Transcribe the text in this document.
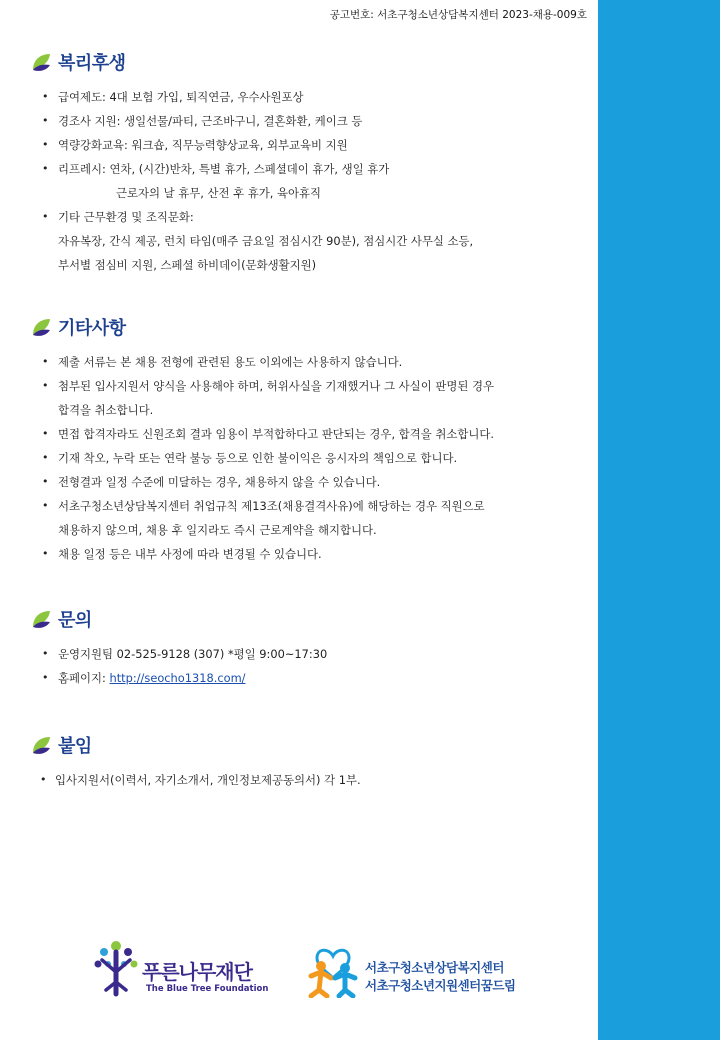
공고번호: 서초구청소년상담복지센터 2023-채용-009호
복리후생
• 급여제도: 4대 보험 가입, 퇴직연금, 우수사원포상
• 경조사 지원: 생일선물/파티, 근조바구니, 결혼화환, 케이크 등
• 역량강화교육: 워크숍, 직무능력향상교육, 외부교육비 지원
• 리프레시: 연차, (시간)반차, 특별 휴가, 스페셜데이 휴가, 생일 휴가
근로자의 날 휴무, 산전 후 휴가, 육아휴직
• 기타 근무환경 및 조직문화:
자유복장, 간식 제공, 런치 타임(매주 금요일 점심시간 90분), 점심시간 사무실 소등,
부서별 점심비 지원, 스페셜 하비데이(문화생활지원)
기타사항
• 제출 서류는 본 채용 전형에 관련된 용도 이외에는 사용하지 않습니다.
• 첨부된 입사지원서 양식을 사용해야 하며, 허위사실을 기재했거나 그 사실이 판명된 경우
합격을 취소합니다.
• 면접 합격자라도 신원조회 결과 임용이 부적합하다고 판단되는 경우, 합격을 취소합니다.
• 기재 착오, 누락 또는 연락 불능 등으로 인한 불이익은 응시자의 책임으로 합니다.
• 전형결과 일정 수준에 미달하는 경우, 채용하지 않을 수 있습니다.
• 서초구청소년상담복지센터 취업규칙 제13조(채용결격사유)에 해당하는 경우 직원으로
채용하지 않으며, 채용 후 일지라도 즉시 근로계약을 해지합니다.
• 채용 일정 등은 내부 사정에 따라 변경될 수 있습니다.
문의
• 운영지원팀 02-525-9128 (307) *평일 9:00~17:30
• 홈페이지: http://seocho1318.com/
붙임
• 입사지원서(이력서, 자기소개서, 개인정보제공동의서) 각 1부.
푸른나무재단
The Blue Tree Foundation
서초구청소년상담복지센터
서초구청소년지원센터꿈드림
